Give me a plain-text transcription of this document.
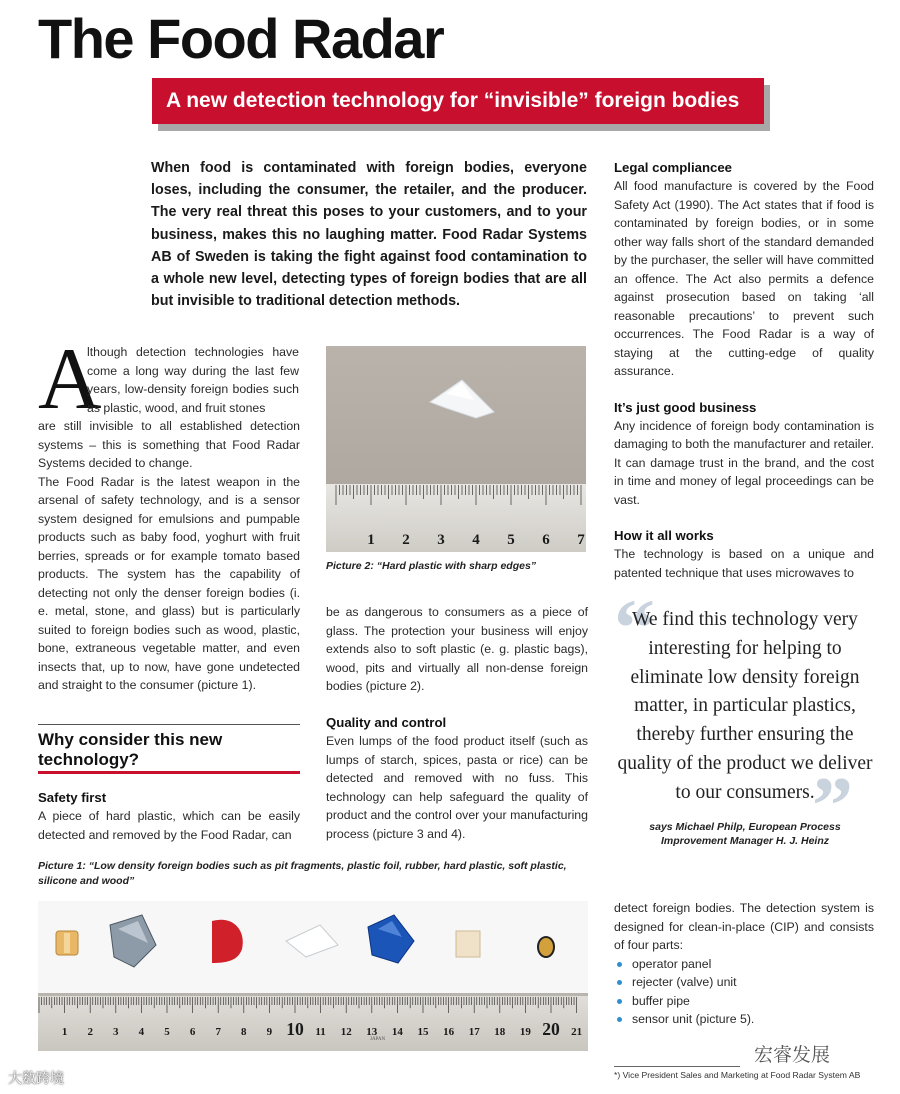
The Food Radar
A new detection technology for “invisible” foreign bodies
When food is contaminated with foreign bodies, everyone loses, including the consumer, the retailer, and the producer. The very real threat this poses to your customers, and to your business, makes this no laughing matter. Food Radar Systems AB of Sweden is taking the fight against food contamination to a whole new level, detecting types of foreign bodies that are all but invisible to traditional detection methods.
A
lthough detection technologies have come a long way during the last few years, low-density foreign bodies such as plastic, wood, and fruit stones

are still invisible to all established detection systems – this is something that Food Radar Systems decided to change.

The Food Radar is the latest weapon in the arsenal of safety technology, and is a sensor system designed for emulsions and pumpable products such as baby food, yoghurt with fruit berries, spreads or for example tomato based products. The system has the capability of detecting not only the denser foreign bodies (i. e. metal, stone, and glass) but is particularly suited to foreign bodies such as wood, plastic, bone, extraneous vegetable matter, and even insects that, up to now, have gone undetected and straight to the consumer (picture 1).

Why consider this new technology?

Safety first

A piece of hard plastic, which can be easily detected and removed by the Food Radar, can

1 2 3 4 5 6 7
Picture 2: “Hard plastic with sharp edges”
be as dangerous to consumers as a piece of glass. The protection your business will enjoy extends also to soft plastic (e. g. plastic bags), wood, pits and virtually all non-dense foreign bodies (picture 2).

Quality and control

Even lumps of the food product itself (such as lumps of starch, spices, pasta or rice) can be detected and removed with no fuss. This technology can help safeguard the quality of product and the control over your manufacturing process (picture 3 and 4).

Legal compliancee

All food manufacture is covered by the Food Safety Act (1990). The Act states that if food is contaminated by foreign bodies, or in some other way falls short of the standard demanded by the purchaser, the seller will have committed an offence. The Act also permits a defence against prosecution based on taking ‘all reasonable precautions’ to prevent such occurrences. The Food Radar is a way of staying at the cutting-edge of quality assurance.

It’s just good business

Any incidence of foreign body contamination is damaging to both the manufacturer and retailer. It can damage trust in the brand, and the cost in time and money of legal proceedings can be vast.

How it all works

The technology is based on a unique and patented technique that uses microwaves to

“
We find this technology very interesting for helping to eliminate low density foreign matter, in particular plastics, thereby further ensuring the quality of the product we deliver to our consumers.
”
says Michael Philp, European Process
Improvement Manager H. J. Heinz
Picture 1: “Low density foreign bodies such as pit fragments, plastic foil, rubber, hard plastic, soft plastic, silicone and wood”
1 2 3 4 5 6 7 8 9 10 11 12 13 14 15 16 17 18 19 20 21
JAPAN

detect foreign bodies. The detection system is designed for clean-in-place (CIP) and consists of four parts:

operator panel
rejecter (valve) unit
buffer pipe
sensor unit (picture 5).
*) Vice President Sales and Marketing at Food Radar System AB
宏睿发展
大数跨境
